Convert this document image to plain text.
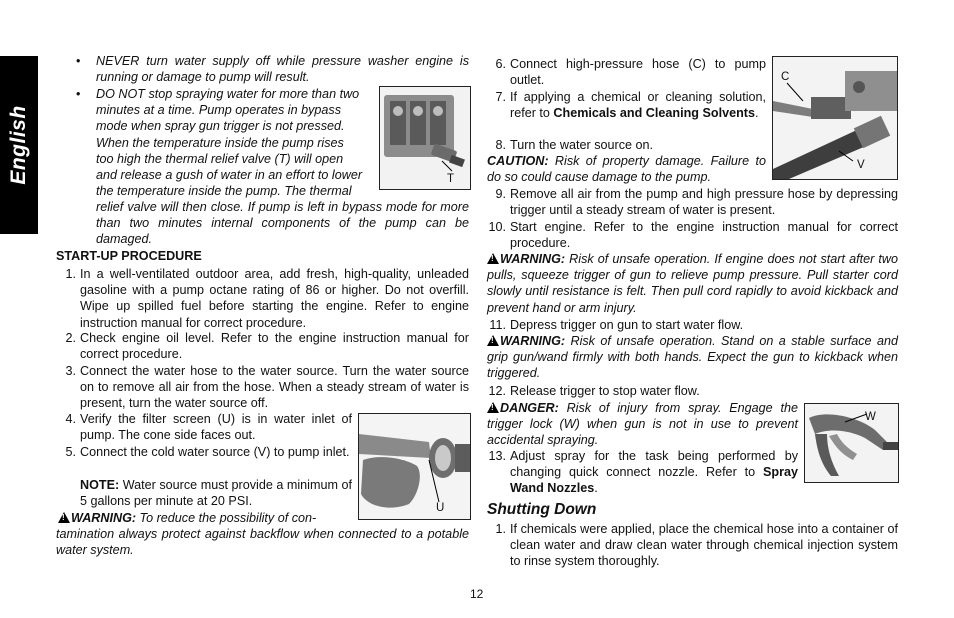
English
• NEVER turn water supply off while pressure washer engine is running or damage to pump will result.
• DO NOT stop spraying water for more than two
minutes at a time. Pump operates in bypass
mode when spray gun trigger is not pressed.
When the temperature inside the pump rises
too high the thermal relief valve (T) will open
and release a gush of water in an effort to lower
the temperature inside the pump. The thermal
relief valve will then close. If pump is left in bypass mode for more than two minutes internal components of the pump can be damaged.
T
START-UP PROCEDURE
1. In a well-ventilated outdoor area, add fresh, high-quality, unleaded gasoline with a pump octane rating of 86 or higher. Do not overfill. Wipe up spilled fuel before starting the engine. Refer to engine instruction manual for correct procedure.
2. Check engine oil level. Refer to the engine instruction manual for correct procedure.
3. Connect the water hose to the water source. Turn the water source on to remove all air from the hose. When a steady stream of water is present, turn the water source off.
4. Verify the filter screen (U) is in water inlet of pump. The cone side faces out.
5. Connect the cold water source (V) to pump inlet.
NOTE: Water source must provide a minimum of 5 gallons per minute at 20 PSI.	U
!WARNING: To reduce the possibility of con-
tamination always protect against backflow when connected to a potable water system.
6. Connect high-pressure hose (C) to pump outlet.
7. If applying a chemical or cleaning solution, refer to Chemicals and Cleaning Solvents.
8. Turn the water source on.
CAUTION: Risk of property damage. Failure to do so could cause damage to the pump.
C
V
9. Remove all air from the pump and high pressure hose by depressing trigger until a steady stream of water is present.
10. Start engine. Refer to the engine instruction manual for correct procedure.
!WARNING: Risk of unsafe operation. If engine does not start after two pulls, squeeze trigger of gun to relieve pump pressure. Pull starter cord slowly until resistance is felt. Then pull cord rapidly to avoid kickback and prevent hand or arm injury.
11. Depress trigger on gun to start water flow.
!WARNING: Risk of unsafe operation. Stand on a stable surface and grip gun/wand firmly with both hands. Expect the gun to kickback when triggered.
12. Release trigger to stop water flow.
!DANGER: Risk of injury from spray. Engage the trigger lock (W) when gun is not in use to prevent accidental spraying.
13. Adjust spray for the task being performed by changing quick connect nozzle. Refer to Spray Wand Nozzles.
W
Shutting Down
1. If chemicals were applied, place the chemical hose into a container of clean water and draw clean water through chemical injection system to rinse system thoroughly.
12
